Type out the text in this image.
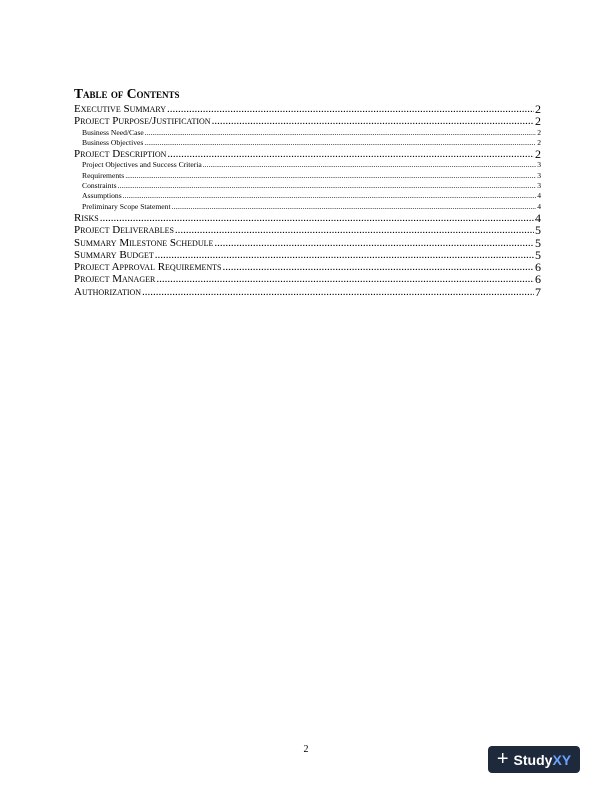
Table of Contents
Executive Summary .....	2
Project Purpose/Justification .....	2
Business Need/Case .....	2
Business Objectives .....	2
Project Description .....	2
Project Objectives and Success Criteria .....	3
Requirements .....	3
Constraints .....	3
Assumptions .....	4
Preliminary Scope Statement .....	4
Risks .....	4
Project Deliverables .....	5
Summary Milestone Schedule .....	5
Summary Budget .....	5
Project Approval Requirements .....	6
Project Manager .....	6
Authorization .....	7
2	+ StudyXY
